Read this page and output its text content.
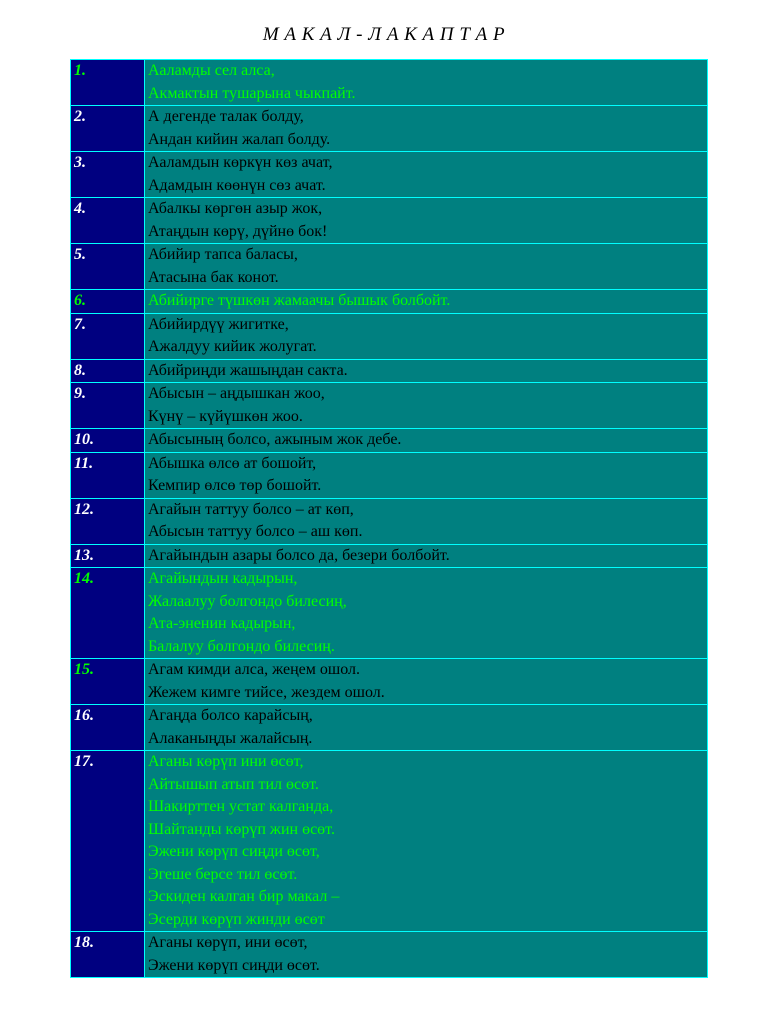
М А К А Л - Л А К А П Т А Р
1.	Ааламды сел алса,
Акмактын тушарына чыкпайт.
2.	А дегенде талак болду,
Андан кийин жалап болду.
3.	Ааламдын көркүн көз ачат,
Адамдын көөнүн сөз ачат.
4.	Абалкы көргөн азыр жок,
Атаңдын көрү, дүйнө бок!
5.	Абийир тапса баласы,
Атасына бак конот.
6.	Абийирге түшкөн жамаачы бышык болбойт.
7.	Абийирдүү жигитке,
Ажалдуу кийик жолугат.
8.	Абийриңди жашыңдан сакта.
9.	Абысын – аңдышкан жоо,
Күнү – күйүшкөн жоо.
10.	Абысының болсо, ажыным жок дебе.
11.	Абышка өлсө ат бошойт,
Кемпир өлсө төр бошойт.
12.	Агайын таттуу болсо – ат көп,
Абысын таттуу болсо – аш көп.
13.	Агайындын азары болсо да, безери болбойт.
14.	Агайындын кадырын,
Жалаалуу болгондо билесиң,
Ата-эненин кадырын,
Балалуу болгондо билесиң.
15.	Агам кимди алса, жеңем ошол.
Жежем кимге тийсе, жездем ошол.
16.	Агаңда болсо карайсың,
Алаканыңды жалайсың.
17.	Аганы көрүп ини өсөт,
Айтышып атып тил өсөт.
Шакирттен устат калганда,
Шайтанды көрүп жин өсөт.
Эжени көрүп сиңди өсөт,
Эгеше берсе тил өсөт.
Эскиден калган бир макал –
Эсерди көрүп жинди өсөт
18.	Аганы көрүп, ини өсөт,
Эжени көрүп сиңди өсөт.
